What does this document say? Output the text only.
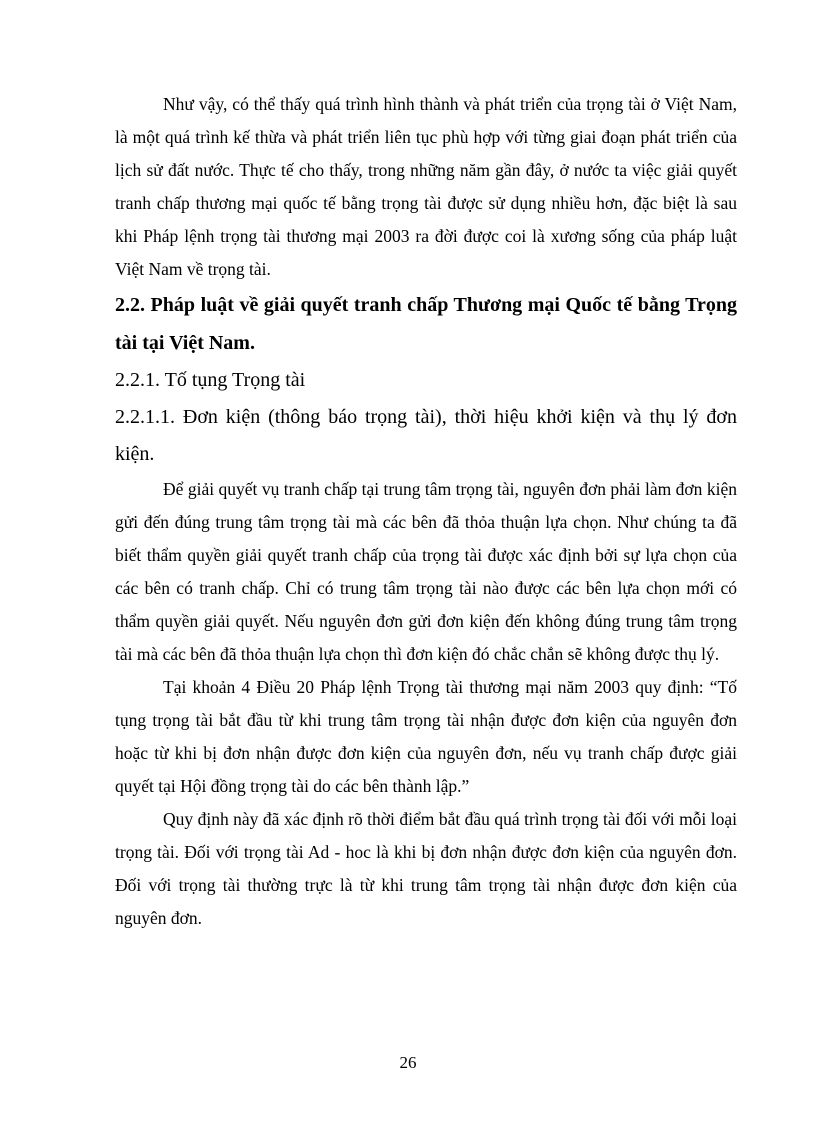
Như vậy, có thể thấy quá trình hình thành và phát triển của trọng tài ở Việt Nam, là một quá trình kế thừa và phát triển liên tục phù hợp với từng giai đoạn phát triển của lịch sử đất nước. Thực tế cho thấy, trong những năm gần đây, ở nước ta việc giải quyết tranh chấp thương mại quốc tế bằng trọng tài được sử dụng nhiều hơn, đặc biệt là sau khi Pháp lệnh trọng tài thương mại 2003 ra đời được coi là xương sống của pháp luật Việt Nam về trọng tài.

2.2. Pháp luật về giải quyết tranh chấp Thương mại Quốc tế bằng Trọng tài tại Việt Nam.

2.2.1. Tố tụng Trọng tài

2.2.1.1. Đơn kiện (thông báo trọng tài), thời hiệu khởi kiện và thụ lý đơn kiện.

Để giải quyết vụ tranh chấp tại trung tâm trọng tài, nguyên đơn phải làm đơn kiện gửi đến đúng trung tâm trọng tài mà các bên đã thỏa thuận lựa chọn. Như chúng ta đã biết thẩm quyền giải quyết tranh chấp của trọng tài được xác định bởi sự lựa chọn của các bên có tranh chấp. Chỉ có trung tâm trọng tài nào được các bên lựa chọn mới có thẩm quyền giải quyết. Nếu nguyên đơn gửi đơn kiện đến không đúng trung tâm trọng tài mà các bên đã thỏa thuận lựa chọn thì đơn kiện đó chắc chắn sẽ không được thụ lý.

Tại khoản 4 Điều 20 Pháp lệnh Trọng tài thương mại năm 2003 quy định: “Tố tụng trọng tài bắt đầu từ khi trung tâm trọng tài nhận được đơn kiện của nguyên đơn hoặc từ khi bị đơn nhận được đơn kiện của nguyên đơn, nếu vụ tranh chấp được giải quyết tại Hội đồng trọng tài do các bên thành lập.”

Quy định này đã xác định rõ thời điểm bắt đầu quá trình trọng tài đối với mỗi loại trọng tài. Đối với trọng tài Ad - hoc là khi bị đơn nhận được đơn kiện của nguyên đơn. Đối với trọng tài thường trực là từ khi trung tâm trọng tài nhận được đơn kiện của nguyên đơn.

26
